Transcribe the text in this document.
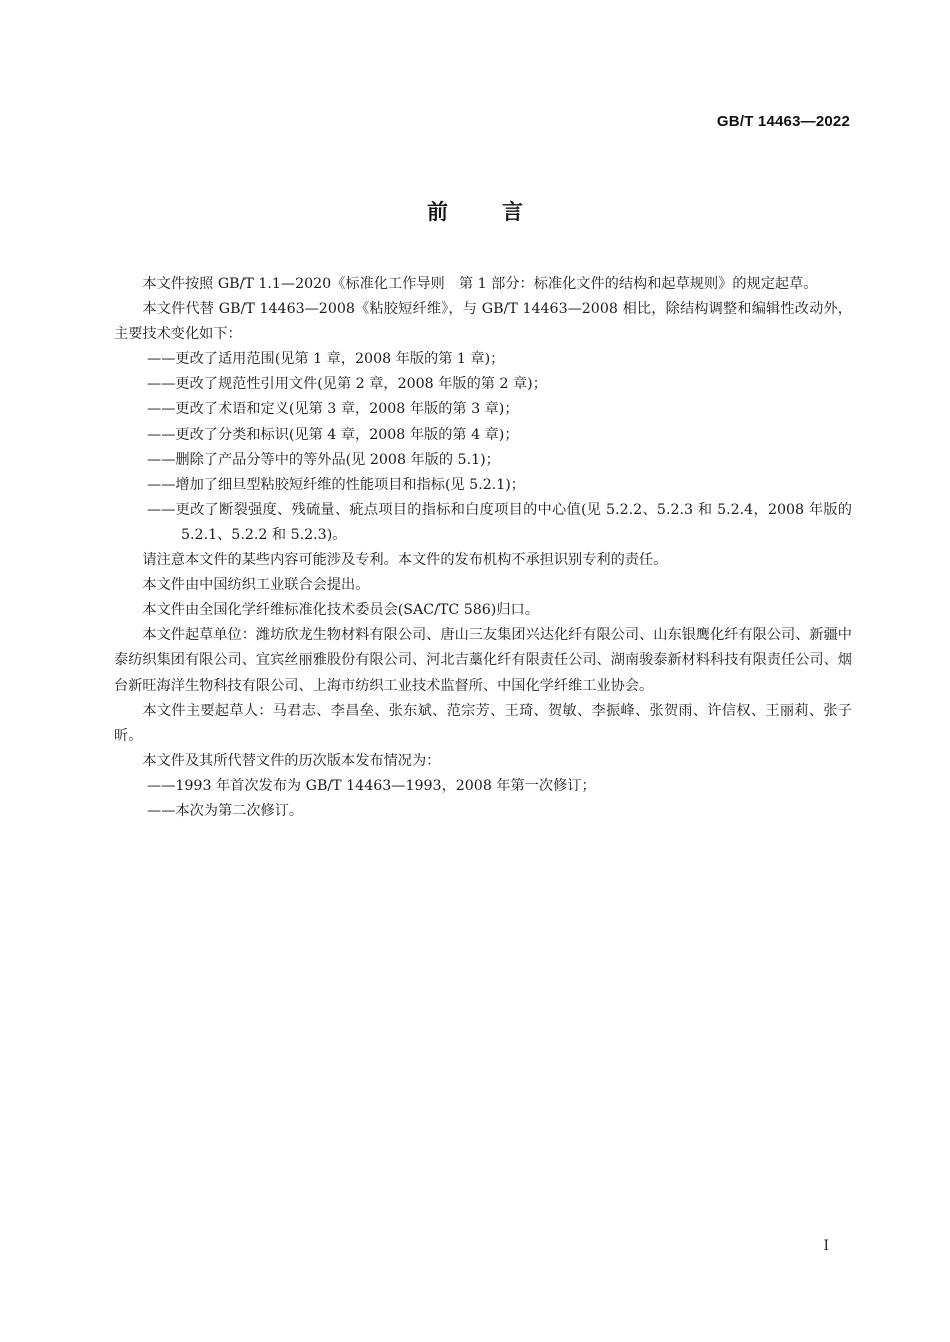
GB/T 14463—2022
前言

本文件按照 GB/T 1.1—2020《标准化工作导则　第 1 部分：标准化文件的结构和起草规则》的规定起草。

本文件代替 GB/T 14463—2008《粘胶短纤维》，与 GB/T 14463—2008 相比，除结构调整和编辑性改动外，主要技术变化如下：

——更改了适用范围(见第 1 章，2008 年版的第 1 章)；

——更改了规范性引用文件(见第 2 章，2008 年版的第 2 章)；

——更改了术语和定义(见第 3 章，2008 年版的第 3 章)；

——更改了分类和标识(见第 4 章，2008 年版的第 4 章)；

——删除了产品分等中的等外品(见 2008 年版的 5.1)；

——增加了细旦型粘胶短纤维的性能项目和指标(见 5.2.1)；

——更改了断裂强度、残硫量、疵点项目的指标和白度项目的中心值(见 5.2.2、5.2.3 和 5.2.4，2008 年版的 5.2.1、5.2.2 和 5.2.3)。

请注意本文件的某些内容可能涉及专利。本文件的发布机构不承担识别专利的责任。

本文件由中国纺织工业联合会提出。

本文件由全国化学纤维标准化技术委员会(SAC/TC 586)归口。

本文件起草单位：潍坊欣龙生物材料有限公司、唐山三友集团兴达化纤有限公司、山东银鹰化纤有限公司、新疆中泰纺织集团有限公司、宜宾丝丽雅股份有限公司、河北吉藁化纤有限责任公司、湖南骏泰新材料科技有限责任公司、烟台新旺海洋生物科技有限公司、上海市纺织工业技术监督所、中国化学纤维工业协会。

本文件主要起草人：马君志、李昌垒、张东斌、范宗芳、王琦、贺敏、李振峰、张贺雨、许信权、王丽莉、张子昕。

本文件及其所代替文件的历次版本发布情况为：

——1993 年首次发布为 GB/T 14463—1993，2008 年第一次修订；

——本次为第二次修订。

I
